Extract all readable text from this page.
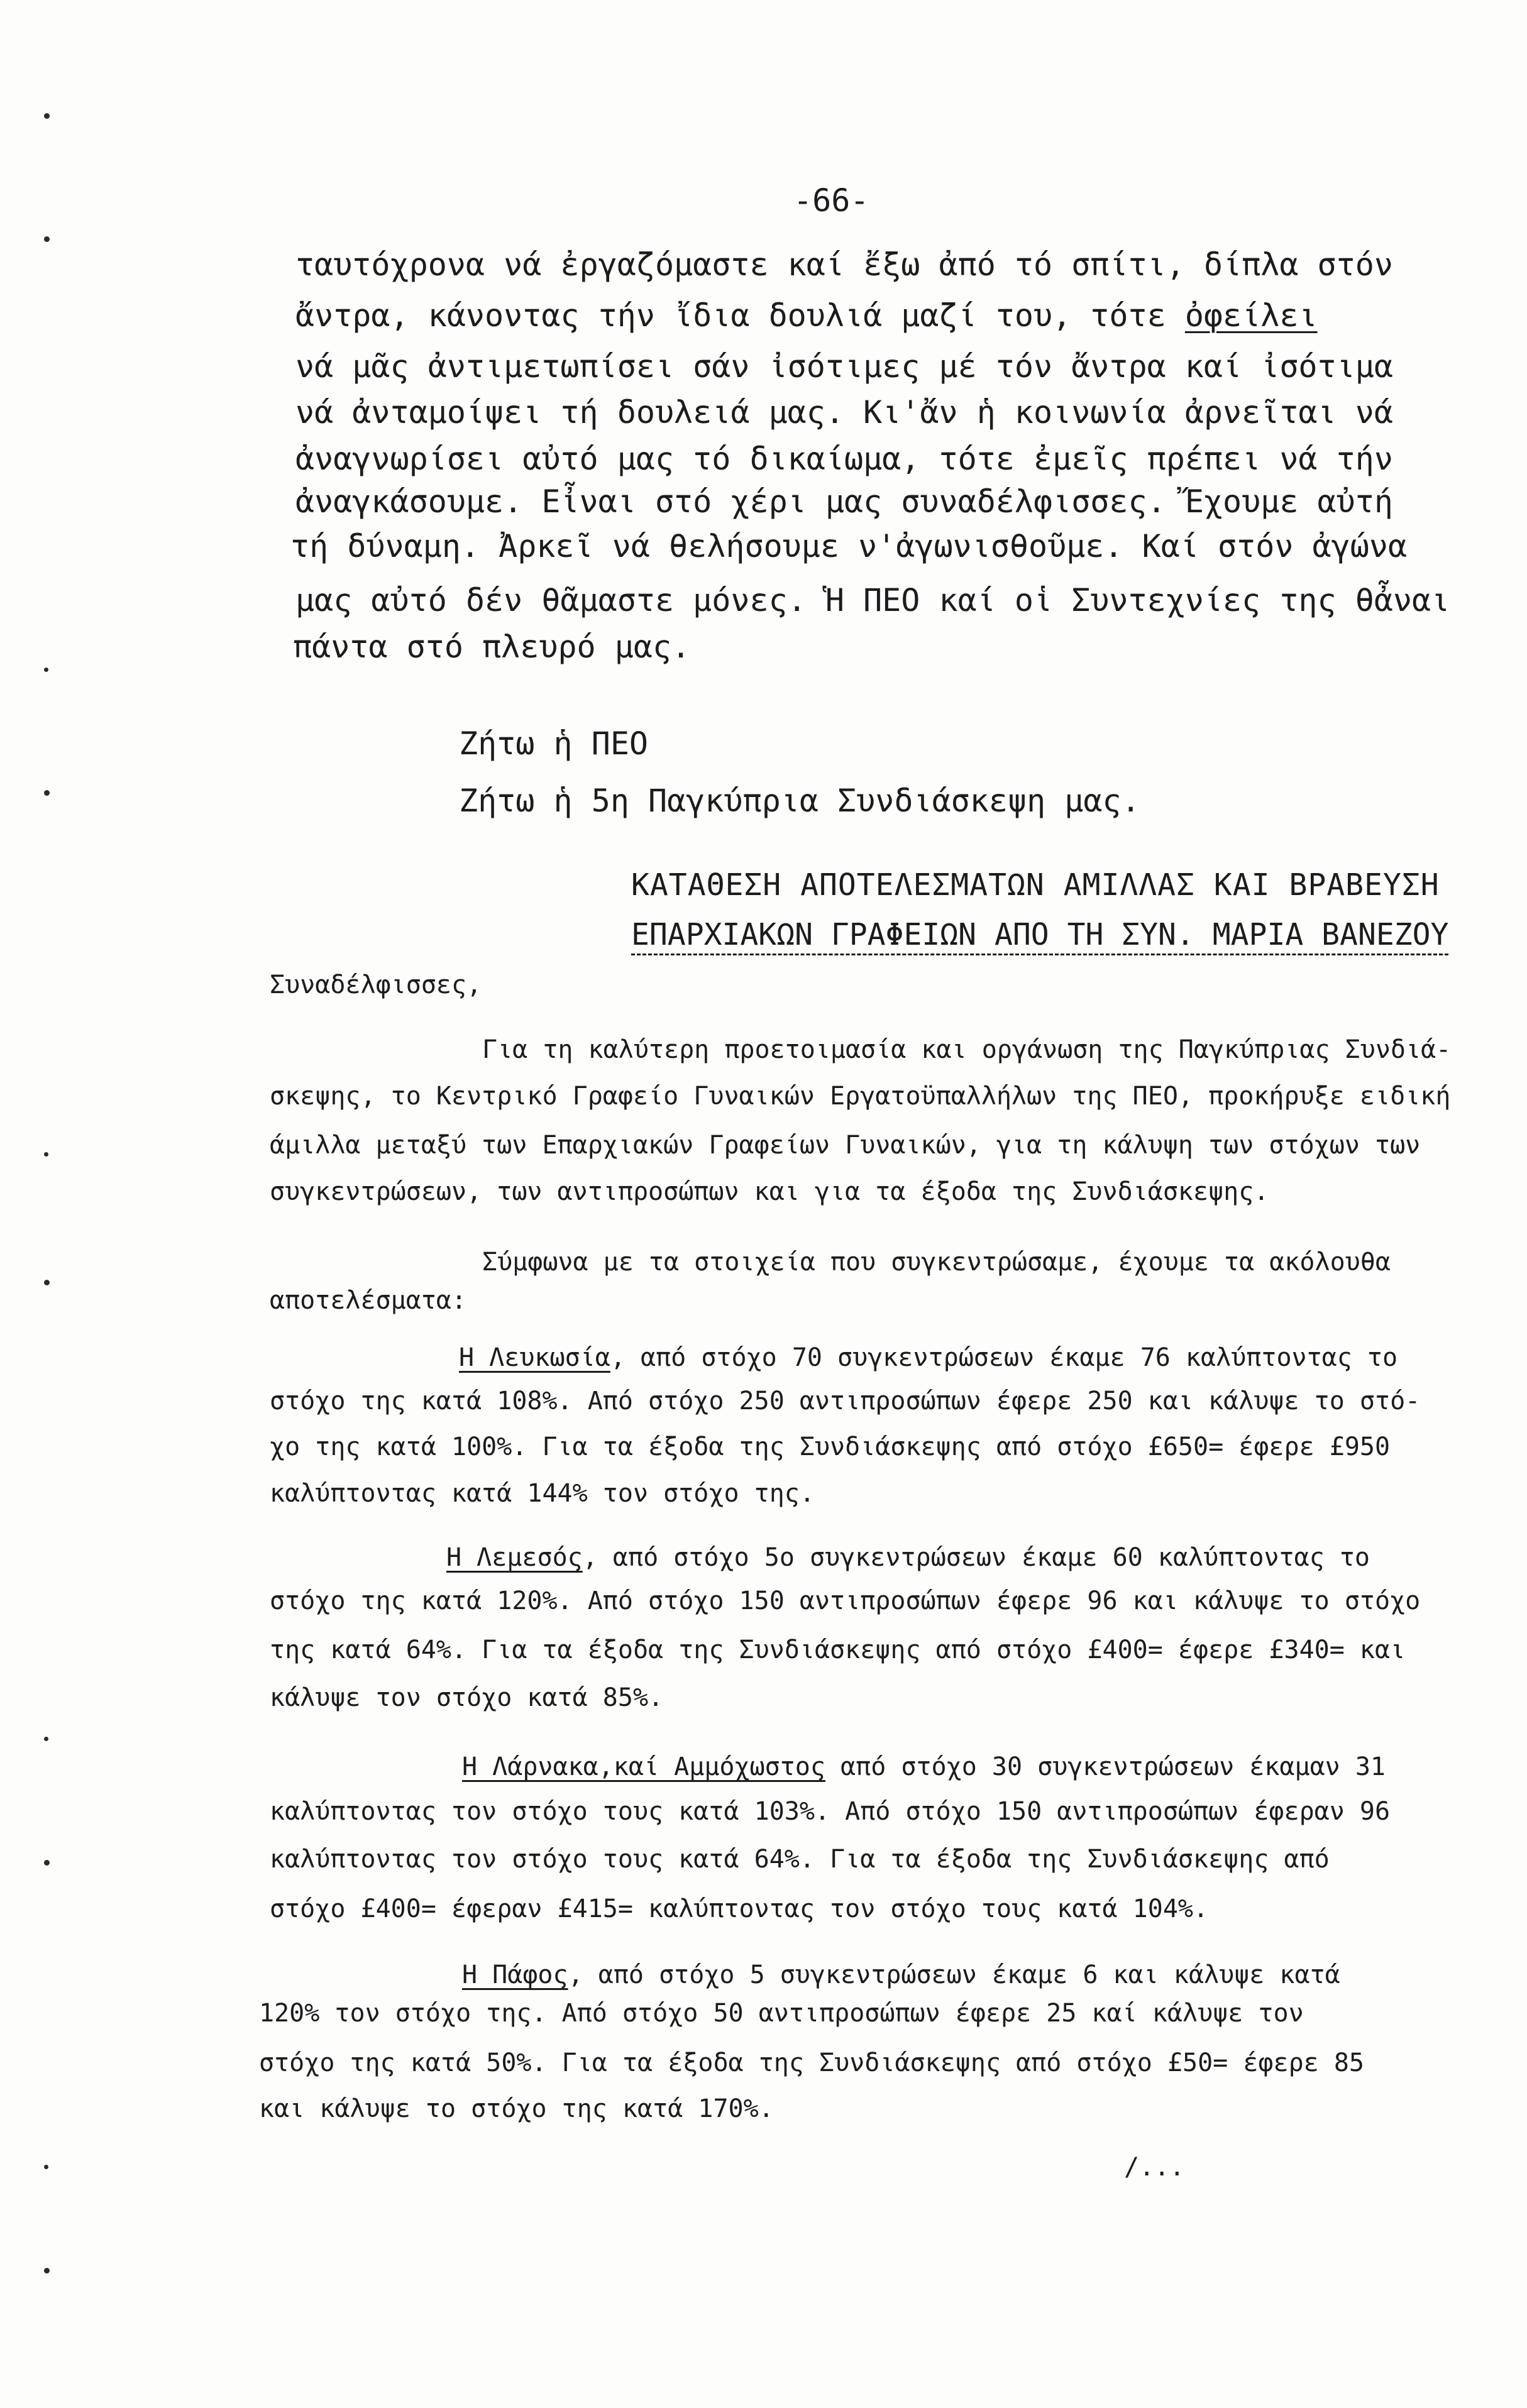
-66-
ταυτόχρονα νά ἐργαζόμαστε καί ἔξω ἀπό τό σπίτι, δίπλα στόν
ἄντρα, κάνοντας τήν ἴδια δουλιά μαζί του, τότε ὀφείλει
νά μᾶς ἀντιμετωπίσει σάν ἰσότιμες μέ τόν ἄντρα καί ἰσότιμα
νά ἀνταμοίψει τή δουλειά μας. Κι'ἄν ἡ κοινωνία ἀρνεῖται νά
ἀναγνωρίσει αὐτό μας τό δικαίωμα, τότε ἐμεῖς πρέπει νά τήν
ἀναγκάσουμε. Εἶναι στό χέρι μας συναδέλφισσες. Ἔχουμε αὐτή
τή δύναμη. Ἀρκεῖ νά θελήσουμε ν'ἀγωνισθοῦμε. Καί στόν ἀγώνα
μας αὐτό δέν θᾶμαστε μόνες. Ἡ ΠΕΟ καί οἱ Συντεχνίες της θἆναι
πάντα στό πλευρό μας.
Ζήτω ἡ ΠΕΟ
Ζήτω ἡ 5η Παγκύπρια Συνδιάσκεψη μας.
ΚΑΤΑΘΕΣΗ ΑΠΟΤΕΛΕΣΜΑΤΩΝ ΑΜΙΛΛΑΣ ΚΑΙ ΒΡΑΒΕΥΣΗ
ΕΠΑΡΧΙΑΚΩΝ ΓΡΑΦΕΙΩΝ ΑΠΟ ΤΗ ΣΥΝ. ΜΑΡΙΑ ΒΑΝΕΖΟΥ
Συναδέλφισσες,
Για τη καλύτερη προετοιμασία και οργάνωση της Παγκύπριας Συνδιά-
σκεψης, το Κεντρικό Γραφείο Γυναικών Εργατοϋπαλλήλων της ΠΕΟ, προκήρυξε ειδική
άμιλλα μεταξύ των Επαρχιακών Γραφείων Γυναικών, για τη κάλυψη των στόχων των
συγκεντρώσεων, των αντιπροσώπων και για τα έξοδα της Συνδιάσκεψης.
Σύμφωνα με τα στοιχεία που συγκεντρώσαμε, έχουμε τα ακόλουθα
αποτελέσματα:
Η Λευκωσία, από στόχο 70 συγκεντρώσεων έκαμε 76 καλύπτοντας το
στόχο της κατά 108%. Από στόχο 250 αντιπροσώπων έφερε 250 και κάλυψε το στό-
χο της κατά 100%. Για τα έξοδα της Συνδιάσκεψης από στόχο £650= έφερε £950
καλύπτοντας κατά 144% τον στόχο της.
Η Λεμεσός, από στόχο 5ο συγκεντρώσεων έκαμε 60 καλύπτοντας το
στόχο της κατά 120%. Από στόχο 150 αντιπροσώπων έφερε 96 και κάλυψε το στόχο
της κατά 64%. Για τα έξοδα της Συνδιάσκεψης από στόχο £400= έφερε £340= και
κάλυψε τον στόχο κατά 85%.
Η Λάρνακα,καί Αμμόχωστος από στόχο 30 συγκεντρώσεων έκαμαν 31
καλύπτοντας τον στόχο τους κατά 103%. Από στόχο 150 αντιπροσώπων έφεραν 96
καλύπτοντας τον στόχο τους κατά 64%. Για τα έξοδα της Συνδιάσκεψης από
στόχο £400= έφεραν £415= καλύπτοντας τον στόχο τους κατά 104%.
Η Πάφος, από στόχο 5 συγκεντρώσεων έκαμε 6 και κάλυψε κατά
120% τον στόχο της. Από στόχο 50 αντιπροσώπων έφερε 25 καί κάλυψε τον
στόχο της κατά 50%. Για τα έξοδα της Συνδιάσκεψης από στόχο £50= έφερε 85
και κάλυψε το στόχο της κατά 170%.
/...
